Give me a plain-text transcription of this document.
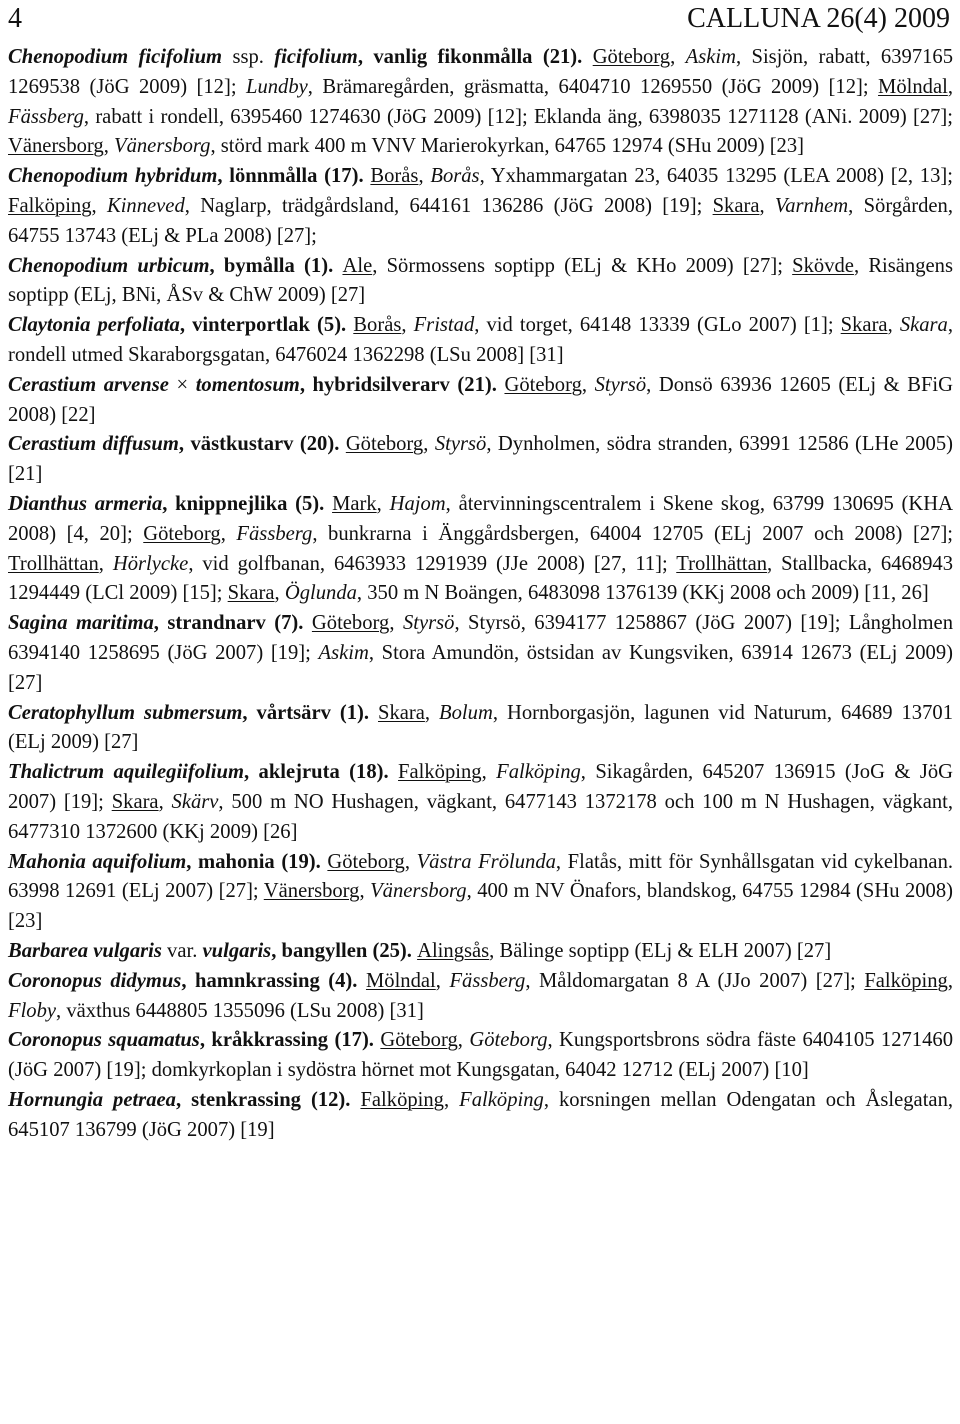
4	CALLUNA 26(4) 2009

Chenopodium ficifolium ssp. ficifolium, vanlig fikonmålla (21). Göteborg, Askim, Sisjön, rabatt, 6397165 1269538 (JöG 2009) [12]; Lundby, Brämaregården, gräsmatta, 6404710 1269550 (JöG 2009) [12]; Mölndal, Fässberg, rabatt i rondell, 6395460 1274630 (JöG 2009) [12]; Eklanda äng, 6398035 1271128 (ANi. 2009) [27]; Vänersborg, Vänersborg, störd mark 400 m VNV Marierokyrkan, 64765 12974 (SHu 2009) [23]

Chenopodium hybridum, lönnmålla (17). Borås, Borås, Yxhammargatan 23, 64035 13295 (LEA 2008) [2, 13]; Falköping, Kinneved, Naglarp, trädgårdsland, 644161 136286 (JöG 2008) [19]; Skara, Varnhem, Sörgården, 64755 13743 (ELj & PLa 2008) [27];

Chenopodium urbicum, bymålla (1). Ale, Sörmossens soptipp (ELj & KHo 2009) [27]; Skövde, Risängens soptipp (ELj, BNi, ÅSv & ChW 2009) [27]

Claytonia perfoliata, vinterportlak (5). Borås, Fristad, vid torget, 64148 13339 (GLo 2007) [1]; Skara, Skara, rondell utmed Skaraborgsgatan, 6476024 1362298 (LSu 2008] [31]

Cerastium arvense × tomentosum, hybridsilverarv (21). Göteborg, Styrsö, Donsö 63936 12605 (ELj & BFiG 2008) [22]

Cerastium diffusum, västkustarv (20). Göteborg, Styrsö, Dynholmen, södra stranden, 63991 12586 (LHe 2005) [21]

Dianthus armeria, knippnejlika (5). Mark, Hajom, återvinningscentralem i Skene skog, 63799 130695 (KHA 2008) [4, 20]; Göteborg, Fässberg, bunkrarna i Änggårdsbergen, 64004 12705 (ELj 2007 och 2008) [27]; Trollhättan, Hörlycke, vid golfbanan, 6463933 1291939 (JJe 2008) [27, 11]; Trollhättan, Stallbacka, 6468943 1294449 (LCl 2009) [15]; Skara, Öglunda, 350 m N Boängen, 6483098 1376139 (KKj 2008 och 2009) [11, 26]

Sagina maritima, strandnarv (7). Göteborg, Styrsö, Styrsö, 6394177 1258867 (JöG 2007) [19]; Långholmen 6394140 1258695 (JöG 2007) [19]; Askim, Stora Amundön, östsidan av Kungsviken, 63914 12673 (ELj 2009) [27]

Ceratophyllum submersum, vårtsärv (1). Skara, Bolum, Hornborgasjön, lagunen vid Naturum, 64689 13701 (ELj 2009) [27]

Thalictrum aquilegiifolium, aklejruta (18). Falköping, Falköping, Sikagården, 645207 136915 (JoG & JöG 2007) [19]; Skara, Skärv, 500 m NO Hushagen, vägkant, 6477143 1372178 och 100 m N Hushagen, vägkant, 6477310 1372600 (KKj 2009) [26]

Mahonia aquifolium, mahonia (19). Göteborg, Västra Frölunda, Flatås, mitt för Synhållsgatan vid cykelbanan. 63998 12691 (ELj 2007) [27]; Vänersborg, Vänersborg, 400 m NV Önafors, blandskog, 64755 12984 (SHu 2008) [23]

Barbarea vulgaris var. vulgaris, bangyllen (25). Alingsås, Bälinge soptipp (ELj & ELH 2007) [27]

Coronopus didymus, hamnkrassing (4). Mölndal, Fässberg, Måldomargatan 8 A (JJo 2007) [27]; Falköping, Floby, växthus 6448805 1355096 (LSu 2008) [31]

Coronopus squamatus, kråkkrassing (17). Göteborg, Göteborg, Kungsportsbrons södra fäste 6404105 1271460 (JöG 2007) [19]; domkyrkoplan i sydöstra hörnet mot Kungsgatan, 64042 12712 (ELj 2007) [10]

Hornungia petraea, stenkrassing (12). Falköping, Falköping, korsningen mellan Odengatan och Åslegatan, 645107 136799 (JöG 2007) [19]
